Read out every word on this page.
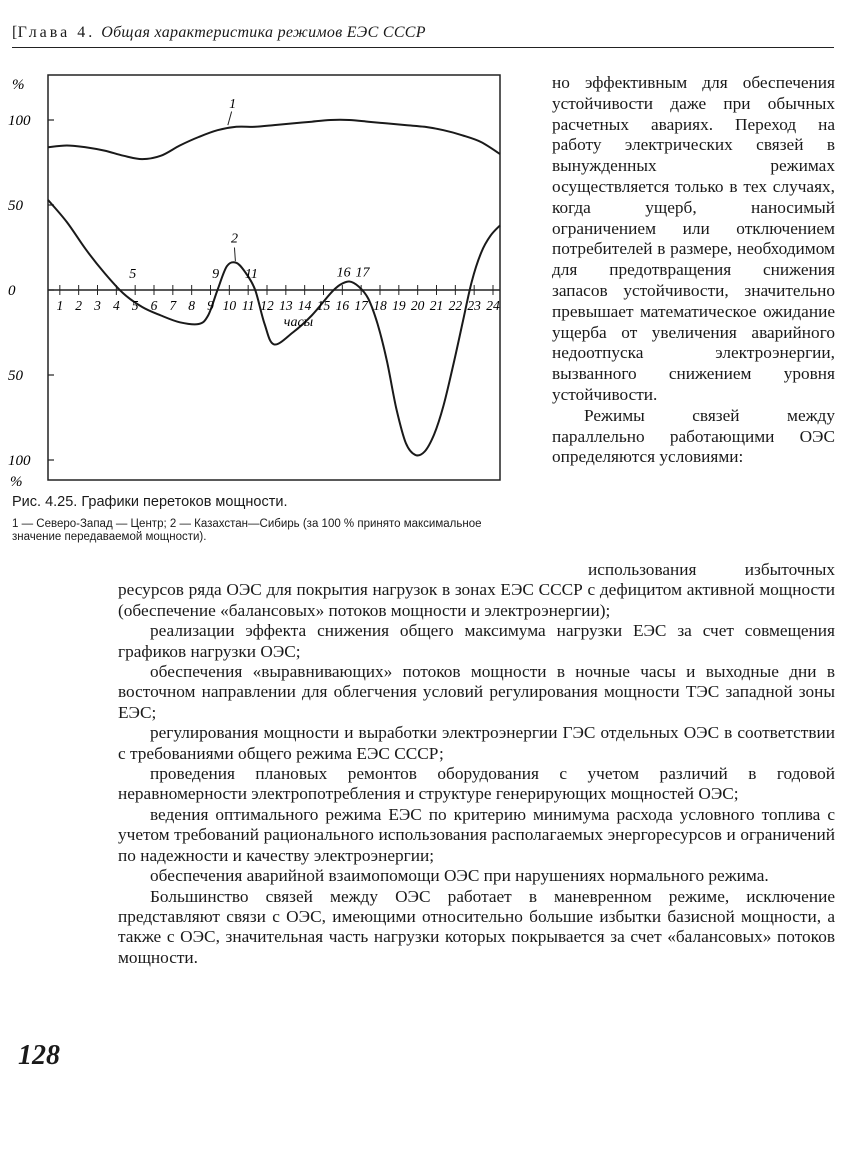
[Глава 4. Общая характеристика режимов ЕЭС СССР
100
50
0
50
100
%
%
1 2 3 4 5 6 7 8 9 10 11 12 13 14 15 16 17 18 19 20 21 22 23 24
часы
1
2
5	9 11	16 17
Рис. 4.25. Графики перетоков мощности.
1 — Северо-Запад — Центр; 2 — Казахстан—Сибирь (за 100 % принято максимальное значение передаваемой мощности).

но эффективным для обеспечения устойчивости даже при обычных расчетных авариях. Переход на работу электрических связей в вынужденных режимах осуществляется только в тех случаях, когда ущерб, наносимый ограничением или отключением потребителей в размере, необходимом для предотвращения снижения запасов устойчивости, значительно превышает математическое ожидание ущерба от увеличения аварийного недоотпуска электроэнергии, вызванного снижением уровня устойчивости.

Режимы связей между параллельно работающими ОЭС определяются условиями:

использования избыточных ресурсов ряда ОЭС для покрытия нагрузок в зонах ЕЭС СССР с дефицитом активной мощности (обеспечение «балансовых» потоков мощности и электроэнергии);

реализации эффекта снижения общего максимума нагрузки ЕЭС за счет совмещения графиков нагрузки ОЭС;

обеспечения «выравнивающих» потоков мощности в ночные часы и выходные дни в восточном направлении для облегчения условий регулирования мощности ТЭС западной зоны ЕЭС;

регулирования мощности и выработки электроэнергии ГЭС отдельных ОЭС в соответствии с требованиями общего режима ЕЭС СССР;

проведения плановых ремонтов оборудования с учетом различий в годовой неравномерности электропотребления и структуре генерирующих мощностей ОЭС;

ведения оптимального режима ЕЭС по критерию минимума расхода условного топлива с учетом требований рационального использования располагаемых энергоресурсов и ограничений по надежности и качеству электроэнергии;

обеспечения аварийной взаимопомощи ОЭС при нарушениях нормального режима.

Большинство связей между ОЭС работает в маневренном режиме, исключение представляют связи с ОЭС, имеющими относительно большие избытки базисной мощности, а также с ОЭС, значительная часть нагрузки которых покрывается за счет «балансовых» потоков мощности.

128
